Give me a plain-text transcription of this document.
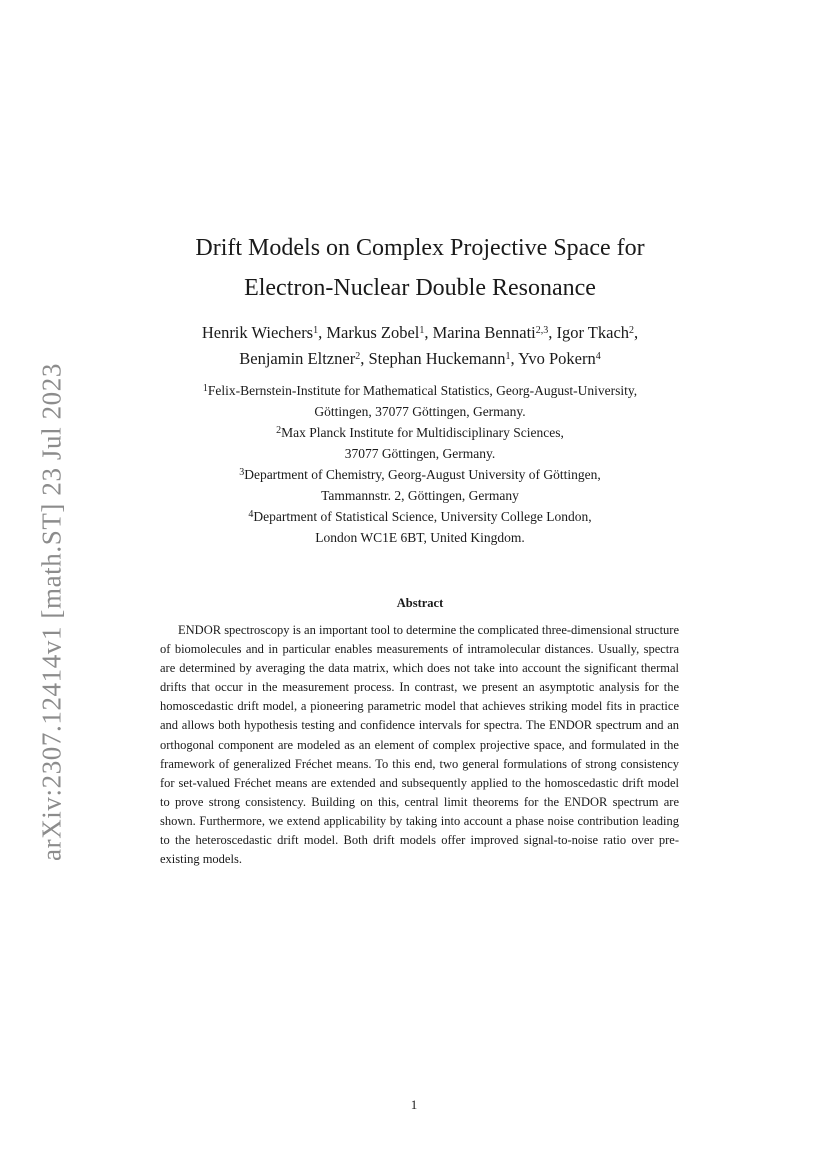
arXiv:2307.12414v1 [math.ST] 23 Jul 2023
Drift Models on Complex Projective Space for
Electron-Nuclear Double Resonance
Henrik Wiechers$^1$, Markus Zobel$^1$, Marina Bennati$^{2,3}$, Igor Tkach$^2$,
Benjamin Eltzner$^2$, Stephan Huckemann$^1$, Yvo Pokern$^4$
$^1$Felix-Bernstein-Institute for Mathematical Statistics, Georg-August-University,
Göttingen, 37077 Göttingen, Germany.
$^2$Max Planck Institute for Multidisciplinary Sciences,
37077 Göttingen, Germany.
$^3$Department of Chemistry, Georg-August University of Göttingen,
Tammannstr. 2, Göttingen, Germany
$^4$Department of Statistical Science, University College London,
London WC1E 6BT, United Kingdom.
Abstract

ENDOR spectroscopy is an important tool to determine the complicated three-dimensional structure of biomolecules and in particular enables measurements of intramolecular distances. Usually, spectra are determined by averaging the data matrix, which does not take into account the significant thermal drifts that occur in the measurement process. In contrast, we present an asymptotic analysis for the homoscedastic drift model, a pioneering parametric model that achieves striking model fits in practice and allows both hypothesis testing and confidence intervals for spectra. The ENDOR spectrum and an orthogonal component are modeled as an element of complex projective space, and formulated in the framework of generalized Fréchet means. To this end, two general formulations of strong consistency for set-valued Fréchet means are extended and subsequently applied to the homoscedastic drift model to prove strong consistency. Building on this, central limit theorems for the ENDOR spectrum are shown. Furthermore, we extend applicability by taking into account a phase noise contribution leading to the heteroscedastic drift model. Both drift models offer improved signal-to-noise ratio over pre-existing models.

1
